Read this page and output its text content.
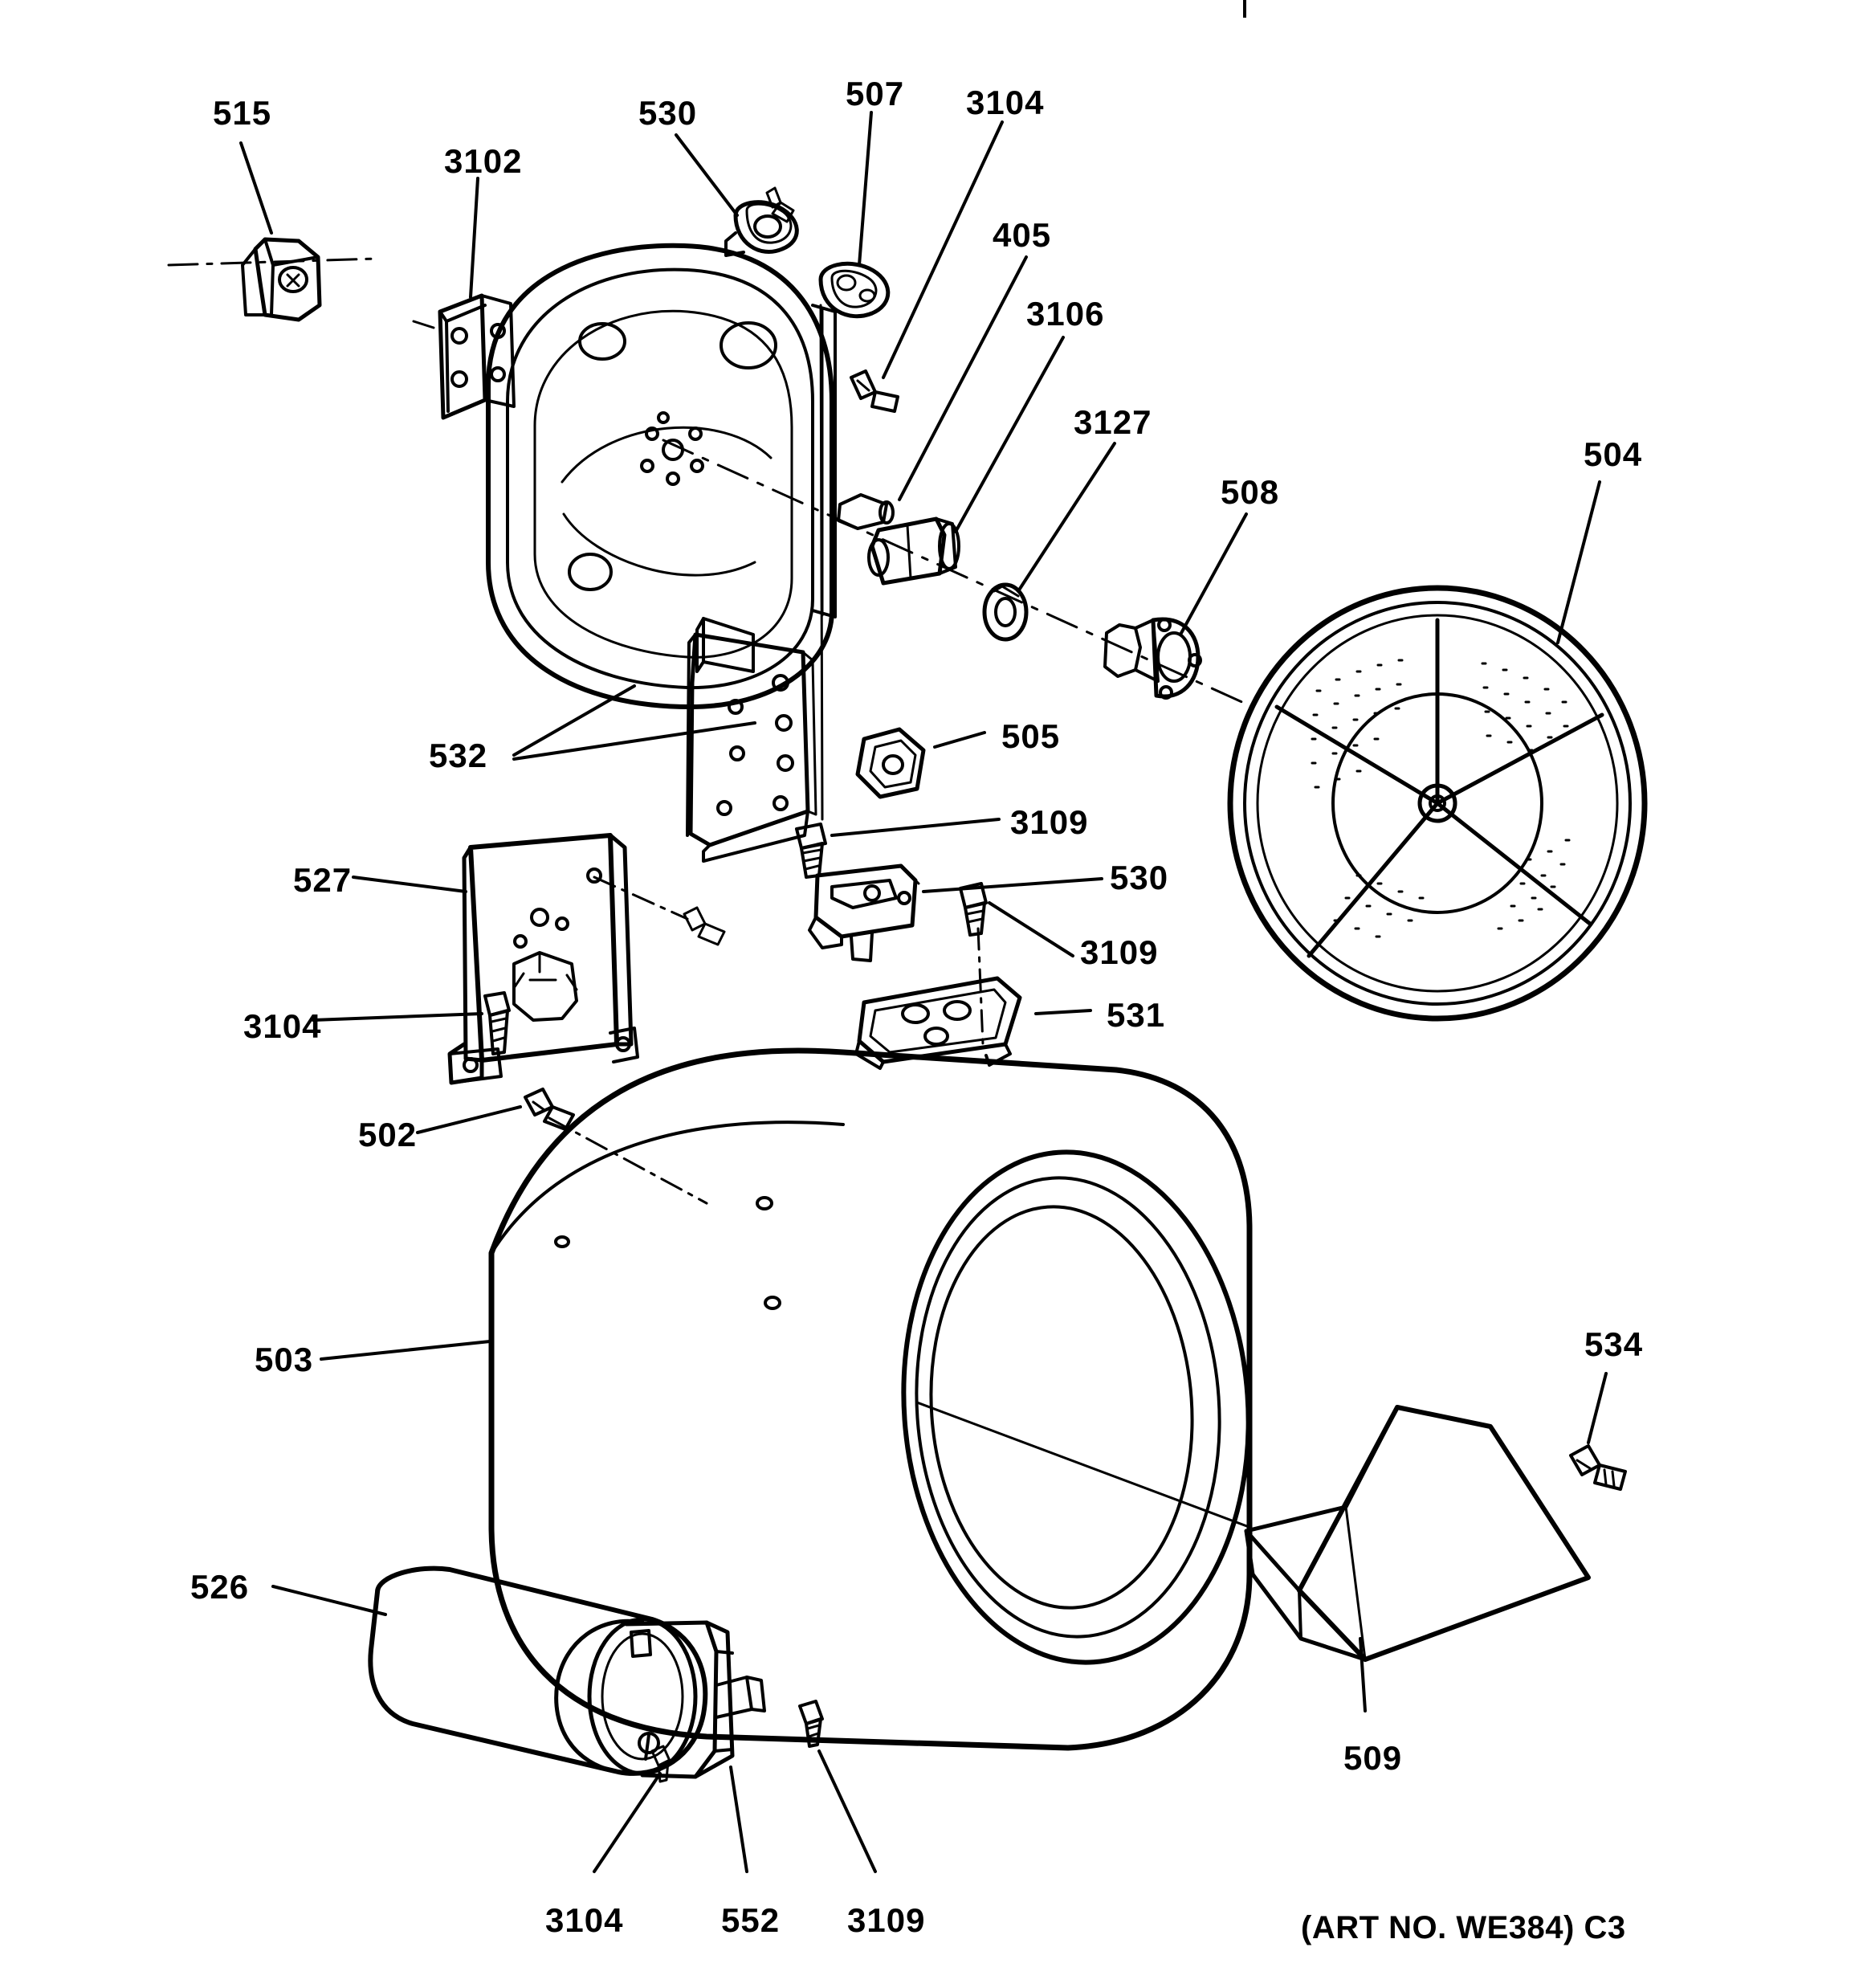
515
3102
530
507 3104
405
3106
3127
508
504
532
505
3109
527	530
3109
3104	531
502
503	534
526
509
3104	552 3109	(ART NO. WE384) C3
